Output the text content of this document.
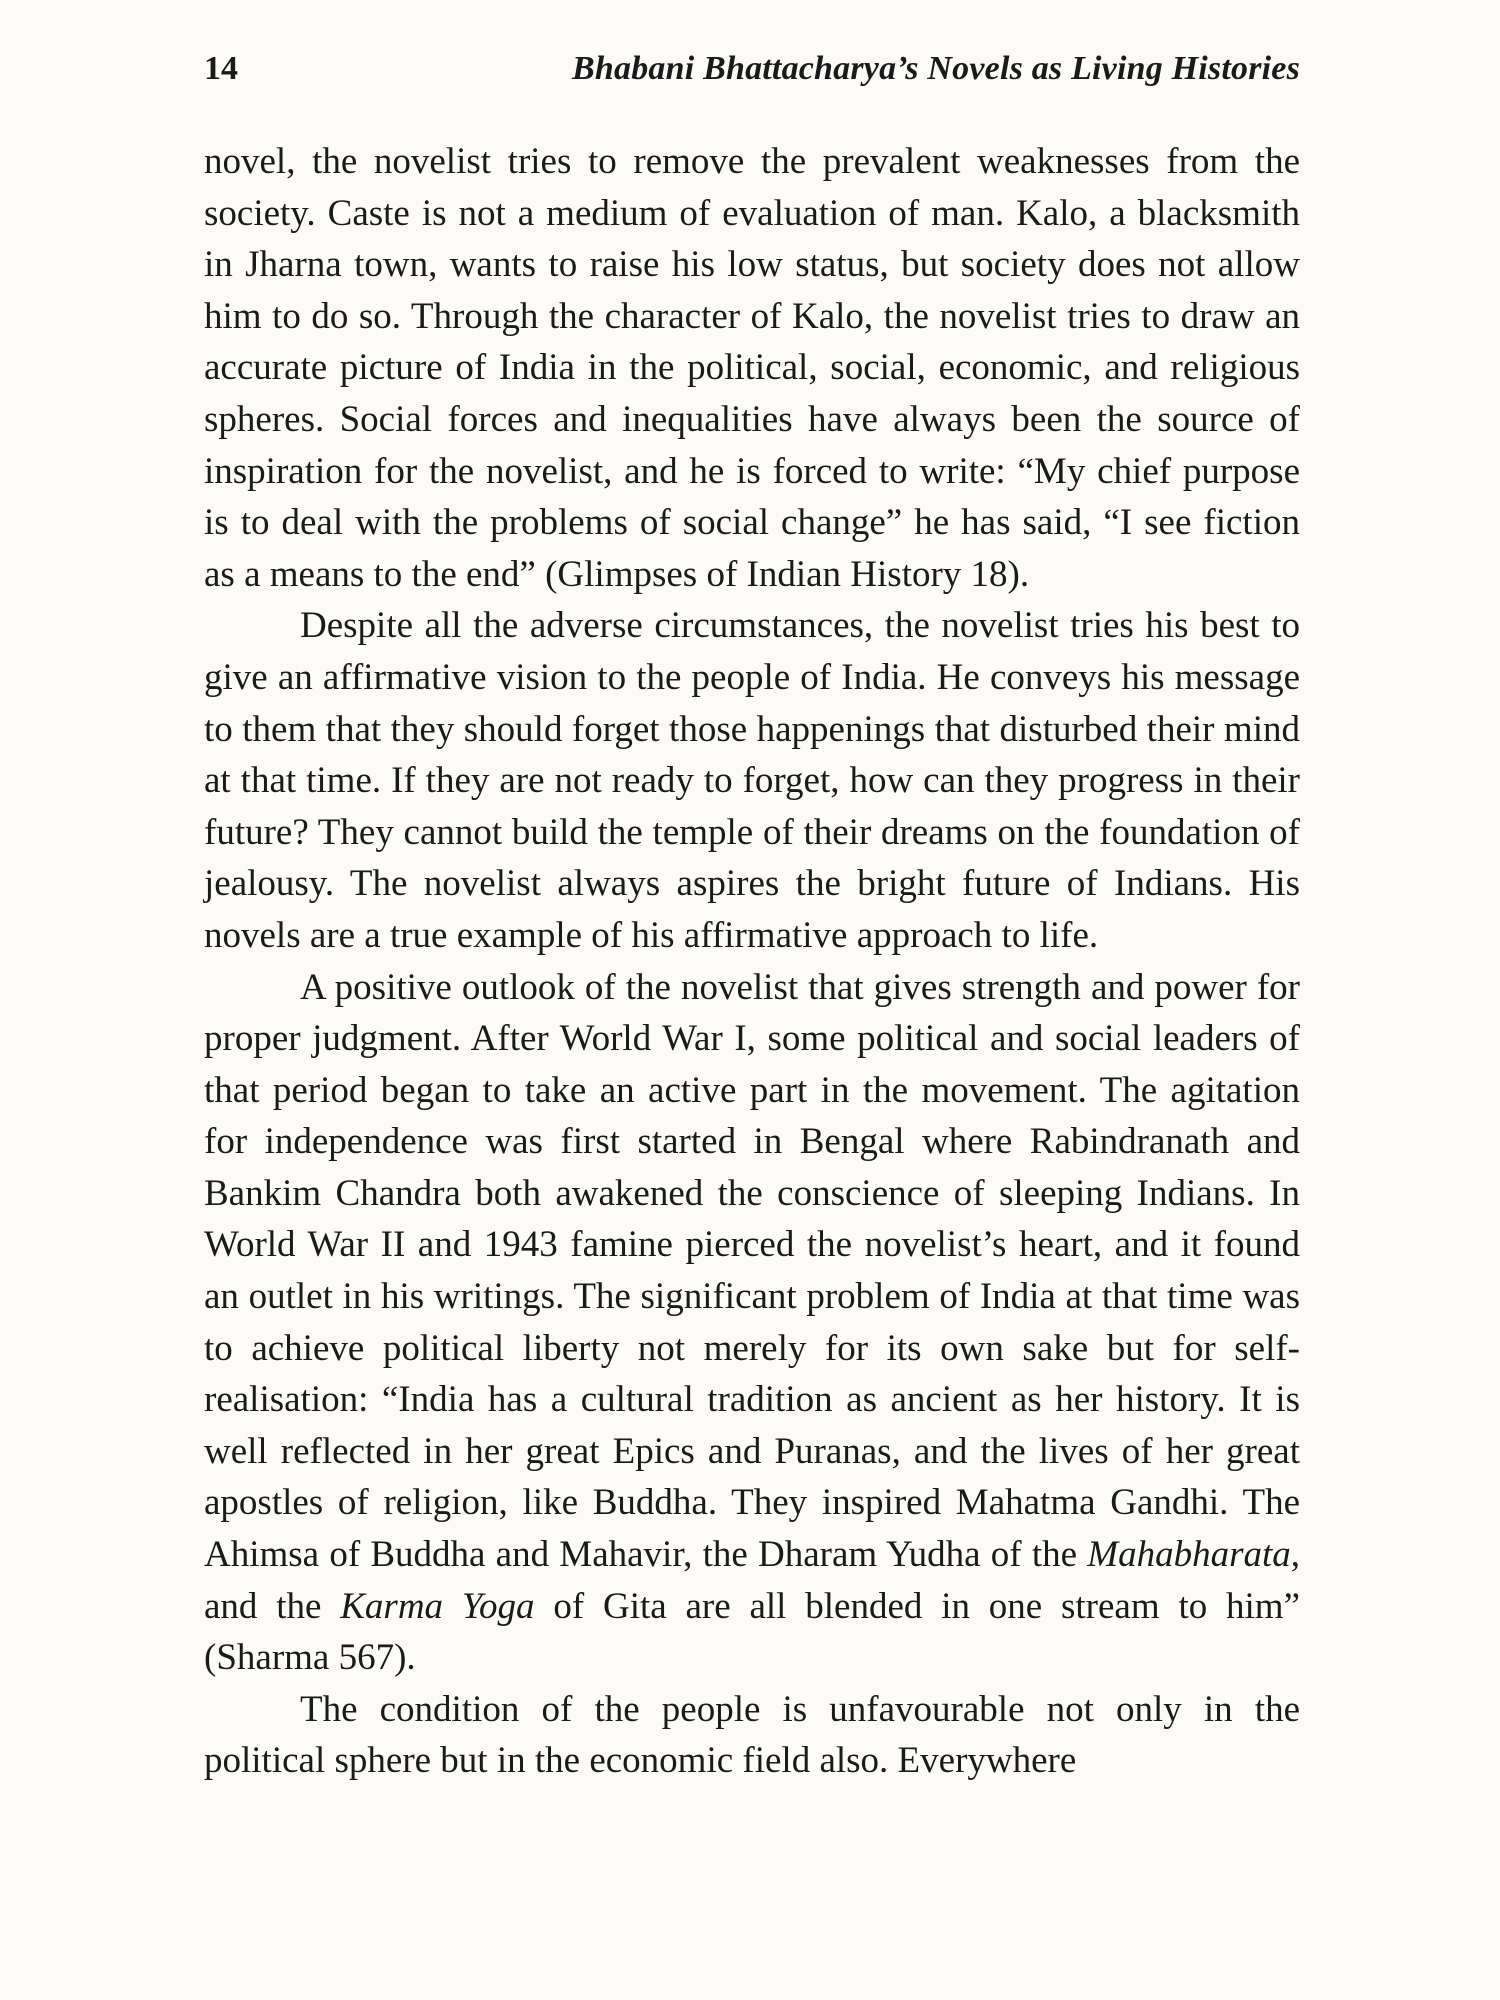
14	Bhabani Bhattacharya’s Novels as Living Histories

novel, the novelist tries to remove the prevalent weaknesses from the society. Caste is not a medium of evaluation of man. Kalo, a blacksmith in Jharna town, wants to raise his low status, but society does not allow him to do so. Through the character of Kalo, the novelist tries to draw an accurate picture of India in the political, social, economic, and religious spheres. Social forces and inequalities have always been the source of inspiration for the novelist, and he is forced to write: “My chief purpose is to deal with the problems of social change” he has said, “I see fiction as a means to the end” (Glimpses of Indian History 18).

Despite all the adverse circumstances, the novelist tries his best to give an affirmative vision to the people of India. He conveys his message to them that they should forget those happenings that disturbed their mind at that time. If they are not ready to forget, how can they progress in their future? They cannot build the temple of their dreams on the foundation of jealousy. The novelist always aspires the bright future of Indians. His novels are a true example of his affirmative approach to life.

A positive outlook of the novelist that gives strength and power for proper judgment. After World War I, some political and social leaders of that period began to take an active part in the movement. The agitation for independence was first started in Bengal where Rabindranath and Bankim Chandra both awakened the conscience of sleeping Indians. In World War II and 1943 famine pierced the novelist’s heart, and it found an outlet in his writings. The significant problem of India at that time was to achieve political liberty not merely for its own sake but for self-realisation: “India has a cultural tradition as ancient as her history. It is well reflected in her great Epics and Puranas, and the lives of her great apostles of religion, like Buddha. They inspired Mahatma Gandhi. The Ahimsa of Buddha and Mahavir, the Dharam Yudha of the Mahabharata, and the Karma Yoga of Gita are all blended in one stream to him” (Sharma 567).

The condition of the people is unfavourable not only in the political sphere but in the economic field also. Everywhere
